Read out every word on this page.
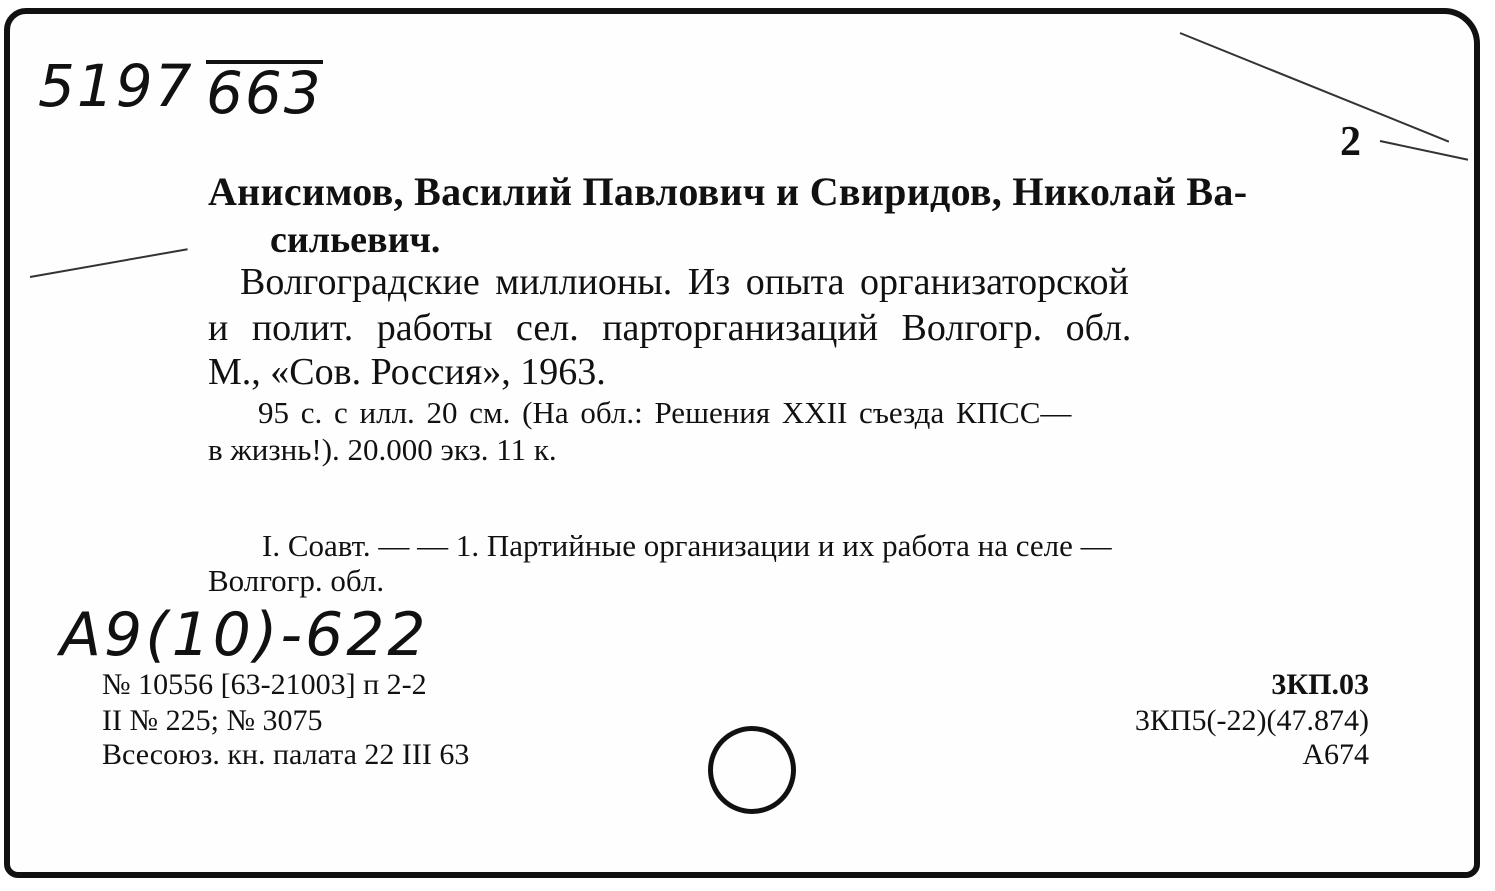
5197 663
2
Анисимов, Василий Павлович и Свиридов, Николай Ва-
сильевич.
Волгоградские миллионы. Из опыта организаторской
и полит. работы сел. парторганизаций Волгогр. обл.
М., «Сов. Россия», 1963.
95 с. с илл. 20 см. (На обл.: Решения XXII съезда КПСС—
в жизнь!). 20.000 экз. 11 к.
I. Соавт. — — 1. Партийные организации и их работа на селе —
Волгогр. обл.
А9(10)-622
№ 10556 [63-21003] п 2-2
II № 225; № 3075
Всесоюз. кн. палата 22 III 63
3КП.03
3КП5(-22)(47.874)
А674
